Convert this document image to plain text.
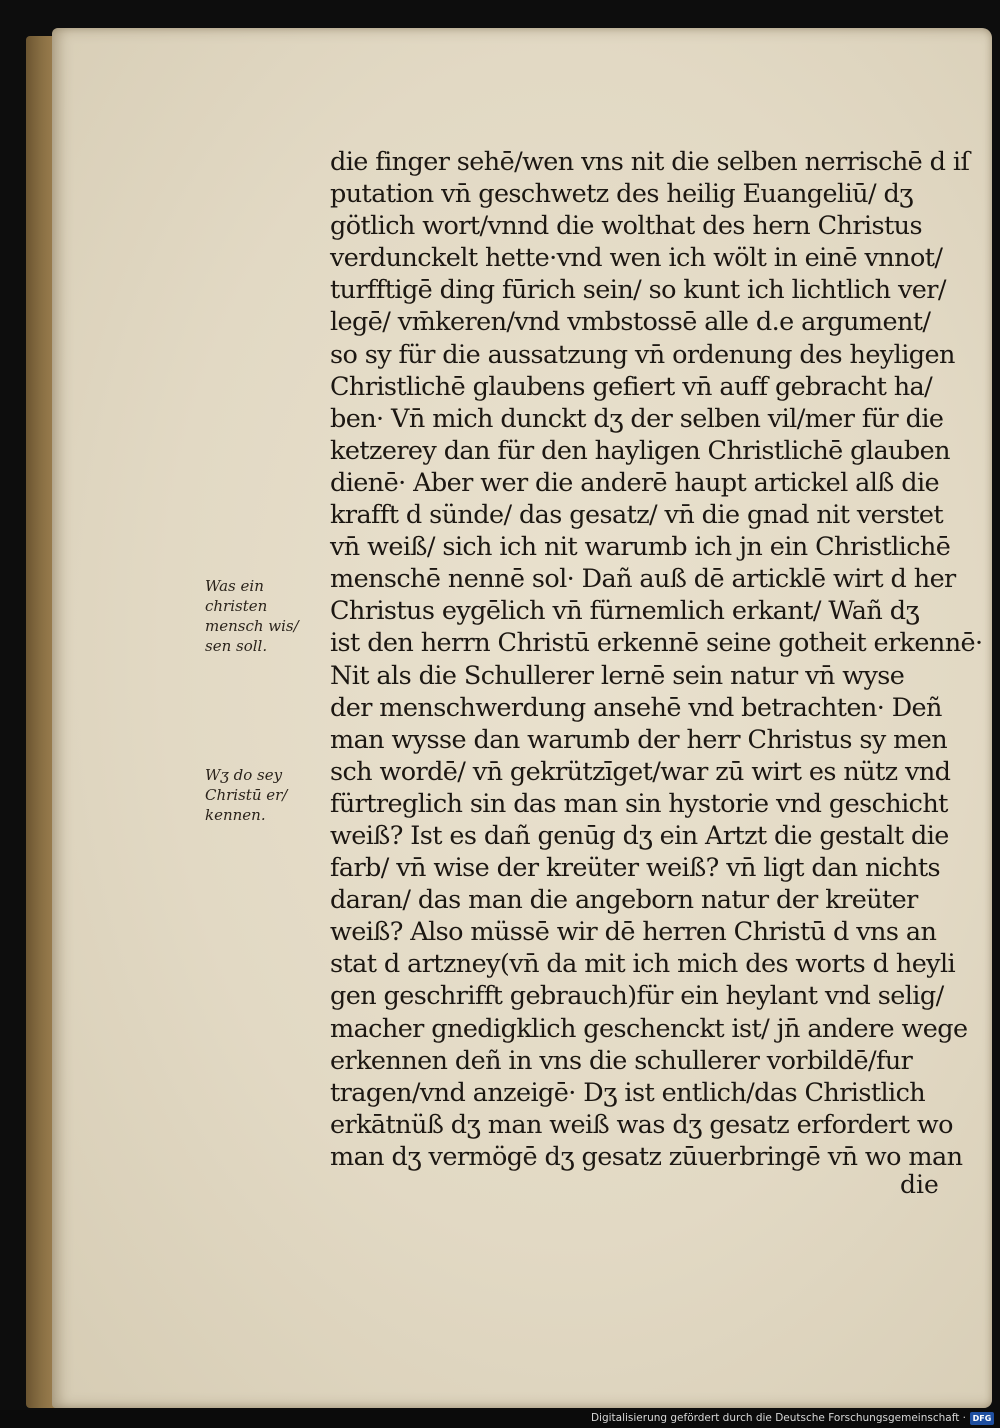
Was ein
christen
mensch wis/
sen soll.
Wʒ do sey
Christū er/
kennen.
die finger sehē/wen vns nit die selben nerrischē d iſ
putation vn̄ geschwetz des heilig Euangeliū/ dʒ
götlich wort/vnnd die wolthat des hern Christus
verdunckelt hette·vnd wen ich wölt in einē vnnot/
turfftigē ding fūrich sein/ so kunt ich lichtlich ver/
legē/ vm̄keren/vnd vmbstossē alle d.e argument/
so sy für die aussatzung vn̄ ordenung des heyligen
Christlichē glaubens gefiert vn̄ auff gebracht ha/
ben· Vn̄ mich dunckt dʒ der selben vil/mer für die
ketzerey dan für den hayligen Christlichē glauben
dienē· Aber wer die anderē haupt artickel alß die
krafft d sünde/ das gesatz/ vn̄ die gnad nit verstet
vn̄ weiß/ sich ich nit warumb ich jn ein Christlichē
menschē nennē sol· Dañ auß dē articklē wirt d her
Christus eygēlich vn̄ fürnemlich erkant/ Wañ dʒ
ist den herrn Christū erkennē seine gotheit erkennē·
Nit als die Schullerer lernē sein natur vn̄ wyse
der menschwerdung ansehē vnd betrachten· Deñ
man wysse dan warumb der herr Christus sy men
sch wordē/ vn̄ gekrützīget/war zū wirt es nütz vnd
fürtreglich sin das man sin hystorie vnd geschicht
weiß? Ist es dañ genūg dʒ ein Artzt die gestalt die
farb/ vn̄ wise der kreüter weiß? vn̄ ligt dan nichts
daran/ das man die angeborn natur der kreüter
weiß? Also müssē wir dē herren Christū d vns an
stat d artzney(vn̄ da mit ich mich des worts d heyli
gen geschrifft gebrauch)für ein heylant vnd selig/
macher gnedigklich geschenckt ist/ jn̄ andere wege
erkennen deñ in vns die schullerer vorbildē/fur
tragen/vnd anzeigē· Dʒ ist entlich/das Christlich
erkātnüß dʒ man weiß was dʒ gesatz erfordert wo
man dʒ vermögē dʒ gesatz zūuerbringē vn̄ wo man
die
Digitalisierung gefördert durch die Deutsche Forschungsgemeinschaft · DFG
